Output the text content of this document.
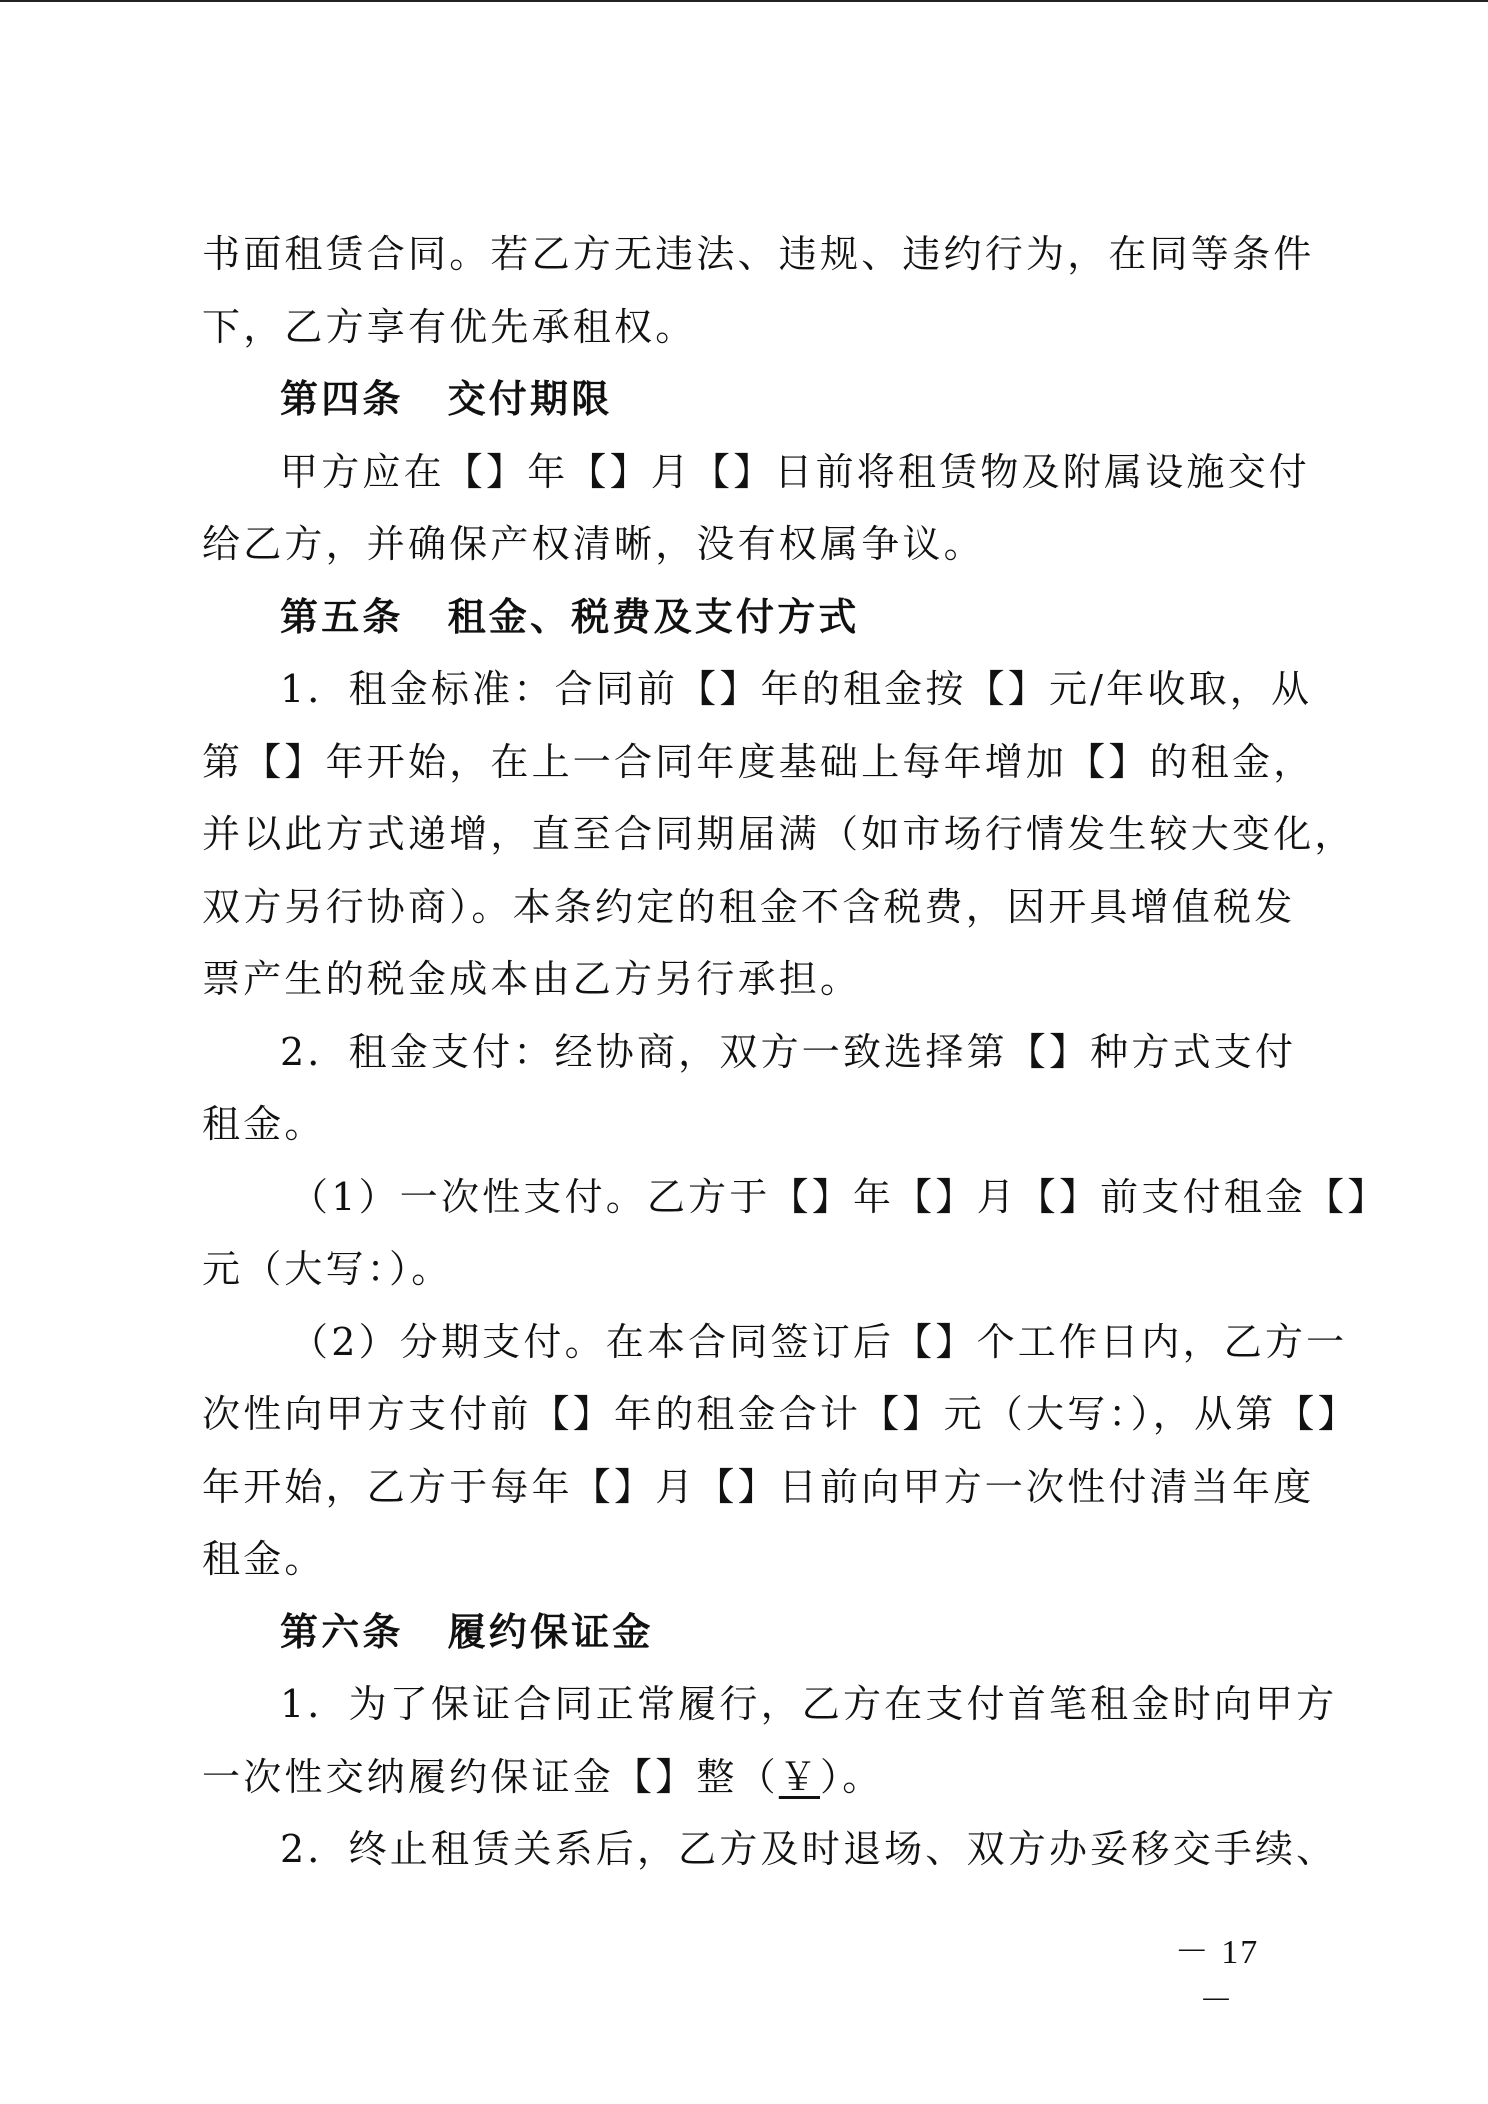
书面租赁合同。若乙方无违法、违规、违约行为，在同等条件
下，乙方享有优先承租权。
第四条 交付期限
甲方应在【】年【】月【】日前将租赁物及附属设施交付
给乙方，并确保产权清晰，没有权属争议。
第五条 租金、税费及支付方式
1．租金标准：合同前【】年的租金按【】元/年收取，从
第【】年开始，在上一合同年度基础上每年增加【】的租金，
并以此方式递增，直至合同期届满（如市场行情发生较大变化，
双方另行协商）。本条约定的租金不含税费，因开具增值税发
票产生的税金成本由乙方另行承担。
2．租金支付：经协商，双方一致选择第【】种方式支付
租金。
（1）一次性支付。乙方于【】年【】月【】前支付租金【】
元（大写：）。
（2）分期支付。在本合同签订后【】个工作日内，乙方一
次性向甲方支付前【】年的租金合计【】元（大写：），从第【】
年开始，乙方于每年【】月【】日前向甲方一次性付清当年度
租金。
第六条 履约保证金
1．为了保证合同正常履行，乙方在支付首笔租金时向甲方
一次性交纳履约保证金【】整（￥）。
2．终止租赁关系后，乙方及时退场、双方办妥移交手续、
－ 17 －
